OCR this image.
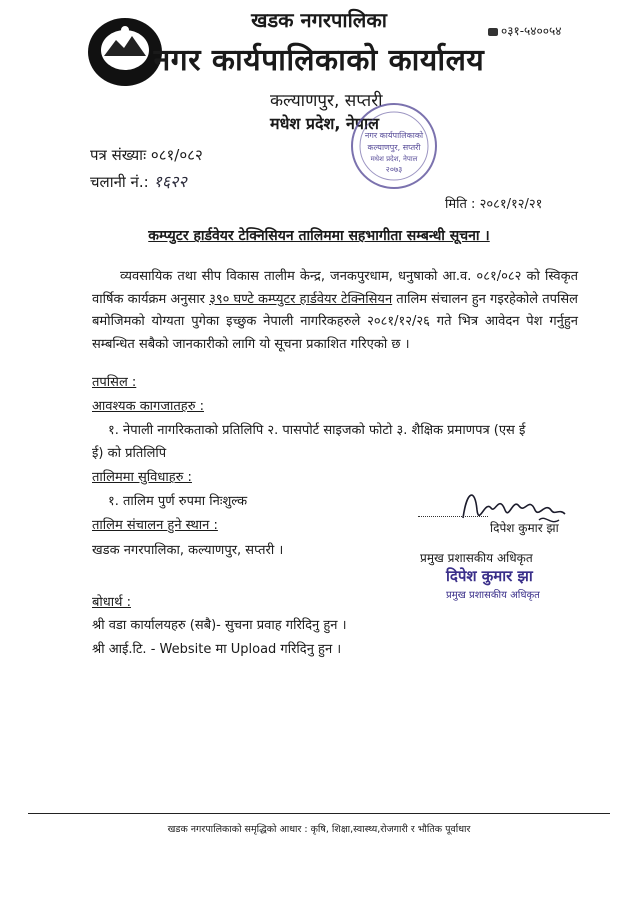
खडक नगरपालिका
नगर कार्यपालिकाको कार्यालय
०३१-५४००५४
कल्याणपुर, सप्तरी
मधेश प्रदेश, नेपाल
नगर कार्यपालिकाको
कल्याणपुर, सप्तरी
मधेश प्रदेश, नेपाल
२०७३
पत्र संख्याः ०८१/०८२
चलानी नं.: १६२२
मिति : २०८१/१२/२१
कम्प्युटर हार्डवेयर टेक्निसियन तालिममा सहभागीता सम्बन्धी सूचना ।
व्यवसायिक तथा सीप विकास तालीम केन्द्र, जनकपुरधाम, धनुषाको आ.व. ०८१/०८२ को स्विकृत वार्षिक कार्यक्रम अनुसार ३९० घण्टे कम्प्युटर हार्डवेयर टेक्निसियन तालिम संचालन हुन गइरहेकोले तपसिल बमोजिमको योग्यता पुगेका इच्छुक नेपाली नागरिकहरुले २०८१/१२/२६ गते भित्र आवेदन पेश गर्नुहुन सम्बन्धित सबैको जानकारीको लागि यो सूचना प्रकाशित गरिएको छ ।
तपसिल :
आवश्यक कागजातहरु :
१. नेपाली नागरिकताको प्रतिलिपि २. पासपोर्ट साइजको फोटो ३. शैक्षिक प्रमाणपत्र (एस ई
ई) को प्रतिलिपि
तालिममा सुविधाहरु :
१. तालिम पुर्ण रुपमा निःशुल्क
तालिम संचालन हुने स्थान :
खडक नगरपालिका, कल्याणपुर, सप्तरी ।
दिपेश कुमार झा
प्रमुख प्रशासकीय अधिकृत
दिपेश कुमार झा
प्रमुख प्रशासकीय अधिकृत
बोधार्थ :
श्री वडा कार्यालयहरु (सबै)- सुचना प्रवाह गरिदिनु हुन ।
श्री आई.टि. - Website मा Upload गरिदिनु हुन ।
खडक नगरपालिकाको समृद्धिको आधार : कृषि, शिक्षा,स्वास्थ्य,रोजगारी र भौतिक पूर्वाधार
